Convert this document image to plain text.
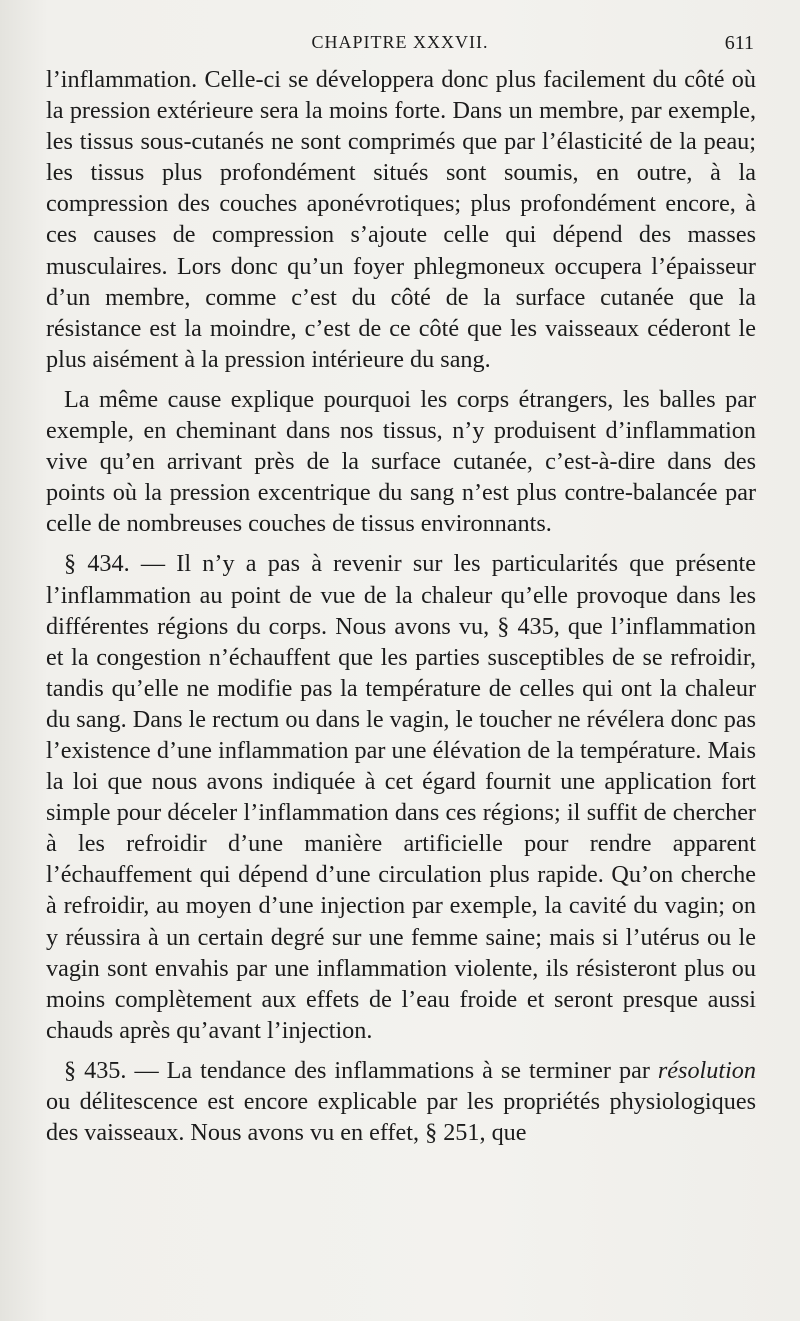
CHAPITRE XXXVII.	611

l’inflammation. Celle-ci se développera donc plus facilement du côté où la pression extérieure sera la moins forte. Dans un membre, par exemple, les tissus sous-cutanés ne sont comprimés que par l’élasticité de la peau; les tissus plus profondément situés sont soumis, en outre, à la compression des couches aponévrotiques; plus profondément encore, à ces causes de compression s’ajoute celle qui dépend des masses musculaires. Lors donc qu’un foyer phlegmoneux occupera l’épaisseur d’un membre, comme c’est du côté de la surface cutanée que la résistance est la moindre, c’est de ce côté que les vaisseaux céderont le plus aisément à la pression intérieure du sang.

La même cause explique pourquoi les corps étrangers, les balles par exemple, en cheminant dans nos tissus, n’y produisent d’inflammation vive qu’en arrivant près de la surface cutanée, c’est-à-dire dans des points où la pression excentrique du sang n’est plus contre-balancée par celle de nombreuses couches de tissus environnants.

§ 434. — Il n’y a pas à revenir sur les particularités que présente l’inflammation au point de vue de la chaleur qu’elle provoque dans les différentes régions du corps. Nous avons vu, § 435, que l’inflammation et la congestion n’échauffent que les parties susceptibles de se refroidir, tandis qu’elle ne modifie pas la température de celles qui ont la chaleur du sang. Dans le rectum ou dans le vagin, le toucher ne révélera donc pas l’existence d’une inflammation par une élévation de la température. Mais la loi que nous avons indiquée à cet égard fournit une application fort simple pour déceler l’inflammation dans ces régions; il suffit de chercher à les refroidir d’une manière artificielle pour rendre apparent l’échauffement qui dépend d’une circulation plus rapide. Qu’on cherche à refroidir, au moyen d’une injection par exemple, la cavité du vagin; on y réussira à un certain degré sur une femme saine; mais si l’utérus ou le vagin sont envahis par une inflammation violente, ils résisteront plus ou moins complètement aux effets de l’eau froide et seront presque aussi chauds après qu’avant l’injection.

§ 435. — La tendance des inflammations à se terminer par résolution ou délitescence est encore explicable par les propriétés physiologiques des vaisseaux. Nous avons vu en effet, § 251, que
